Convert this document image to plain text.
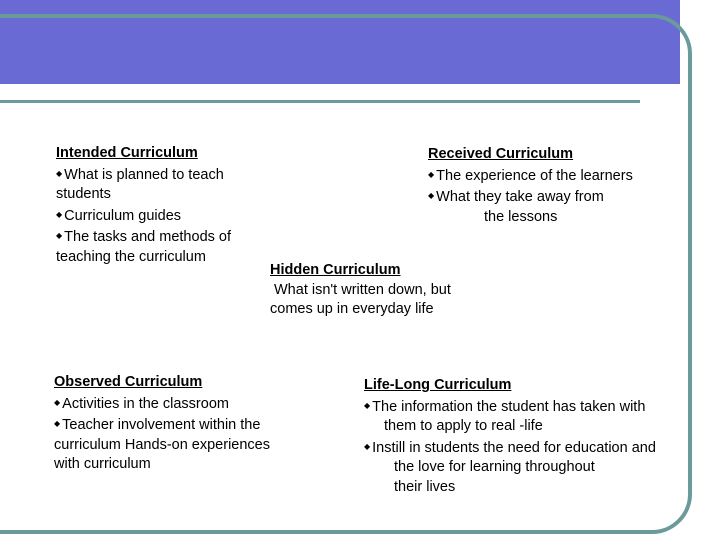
Intended Curriculum
◆ What is planned to teach
students
◆ Curriculum guides
◆ The tasks and methods of
teaching the curriculum
Received Curriculum
◆ The experience of the learners
◆ What they take away from
the lessons
Hidden Curriculum
What isn't written down, but
comes up in everyday life
Observed Curriculum
◆ Activities in the classroom
◆ Teacher involvement within the
curriculum Hands-on experiences
with curriculum
Life-Long Curriculum
◆ The information the student has taken with
them to apply to real -life
◆ Instill in students the need for education and
the love for learning throughout
their lives
